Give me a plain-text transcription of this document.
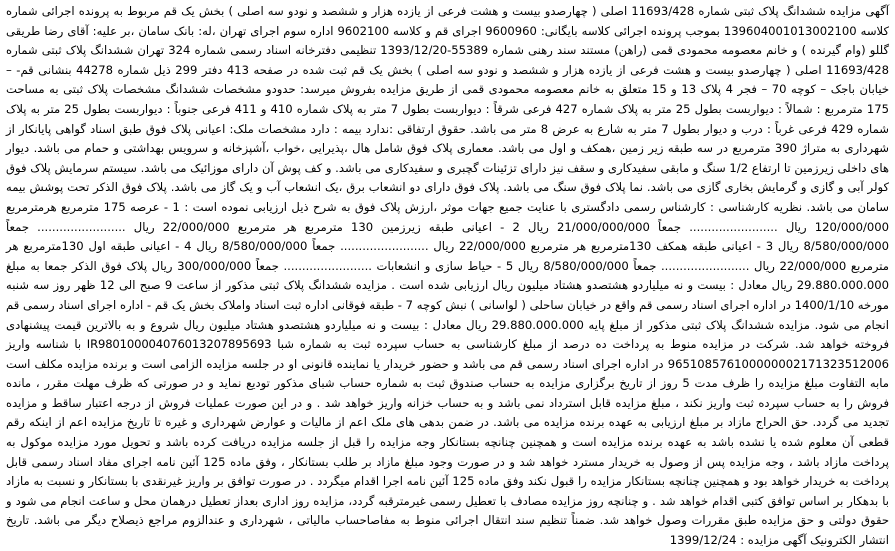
آگهی مزایده ششدانگ پلاک ثبتی شماره 11693/428 اصلی ( چهارصدو بیست و هشت فرعی از یازده هزار و ششصد و نودو سه اصلی ) بخش یک قم مربوط به پرونده اجرائی شماره کلاسه 139604001013002100 بموجب پرونده اجرائی کلاسه بایگانی: 9600960 اجرای قم و کلاسه 9602100 اداره سوم اجرای تهران ،له: بانک سامان ،بر علیه: آقای رضا طریقی گللو (وام گیرنده ) و خانم معصومه محمودی قمی (راهن) مستند سند رهنی شماره 55389-1393/12/20 تنظیمی دفترخانه اسناد رسمی شماره 324 تهران ششدانگ پلاک ثبتی شماره 11693/428 اصلی ( چهارصدو بیست و هشت فرعی از یازده هزار و ششصد و نودو سه اصلی ) بخش یک قم ثبت شده در صفحه 413 دفتر 299 ذیل شماره 44278 بنشانی قم- – خیابان باجک – کوچه 70 – فجر 4 پلاک 13 و 15 متعلق به خانم معصومه محمودی قمی از طریق مزایده بفروش میرسد: حدودو مشخصات ششدانگ مشخصات پلاک ثبتی به مساحت 175 مترمربع : شمالاً : دیواربست بطول 25 متر به پلاک شماره 427 فرعی شرقاً : دیواربست بطول 7 متر به پلاک شماره 410 و 411 فرعی جنوباً : دیواربست بطول 25 متر به پلاک شماره 429 فرعی غرباً : درب و دیوار بطول 7 متر به شارع به عرض 8 متر می باشد. حقوق ارتفاقی :ندارد بیمه : دارد مشخصات ملک: اعیانی پلاک فوق طبق اسناد گواهی پایانکار از شهرداری به متراژ 390 مترمربع در سه طبقه زیر زمین ،همکف و اول می باشد. معماری پلاک فوق شامل هال ،پذیرایی ،خواب ،آشپزخانه و سرویس بهداشتی و حمام می باشد. دیوار های داخلی زیرزمین تا ارتفاع 1/2 سنگ و مابقی سفیدکاری و سقف نیز دارای تزئینات گچبری و سفیدکاری می باشد. و کف پوش آن دارای موزائیک می باشد. سیستم سرمایش پلاک فوق کولر آبی و گازی و گرمایش بخاری گازی می باشد. نما پلاک فوق سنگ می باشد. پلاک فوق دارای دو انشعاب برق ،یک انشعاب آب و یک گاز می باشد. پلاک فوق الذکر تحت پوشش بیمه سامان می باشد. نظریه کارشناسی : کارشناس رسمی دادگستری با عنایت جمیع جهات موثر ،ارزش پلاک فوق به شرح ذیل ارزیابی نموده است : 1 - عرصه 175 مترمربع هرمترمربع 120/000/000 ریال ........................ جمعاً 21/000/000/000 ریال 2 - اعیانی طبقه زیرزمین 130 مترمربع هر مترمربع 22/000/000 ریال ........................ جمعاً 8/580/000/000 ریال 3 - اعیانی طبقه همکف 130مترمربع هر مترمربع 22/000/000 ریال ........................ جمعاً 8/580/000/000 ریال 4 - اعیانی طبقه اول 130مترمربع هر مترمربع 22/000/000 ریال ........................ جمعاً 8/580/000/000 ریال 5 - حیاط سازی و انشعابات ........................ جمعاً 300/000/000 ریال پلاک فوق الذکر جمعا به مبلغ 29.880.000.000 ریال معادل : بیست و نه میلیاردو هشتصدو هشتاد میلیون ریال ارزیابی شده است . مزایده ششدانگ پلاک ثبتی مذکور از ساعت 9 صبح الی 12 ظهر روز سه شنبه مورخه 1400/1/10 در اداره اجرای اسناد رسمی قم واقع در خیابان ساحلی ( لواسانی ) نبش کوچه 7 - طبقه فوقانی اداره ثبت اسناد واملاک بخش یک قم - اداره اجرای اسناد رسمی قم انجام می شود. مزایده ششدانگ پلاک ثبتی مذکور از مبلغ پایه 29.880.000.000 ریال معادل : بیست و نه میلیاردو هشتصدو هشتاد میلیون ریال شروع و به بالاترین قیمت پیشنهادی فروخته خواهد شد. شرکت در مزایده منوط به پرداخت ده درصد از مبلغ کارشناسی به حساب سپرده ثبت به شماره شبا IR980100004076013207895693 با شناسه واریز 965108576100000002171323512006 در اداره اجرای اسناد رسمی قم می باشد و حضور خریدار یا نماینده قانونی او در جلسه مزایده الزامی است و برنده مزایده مکلف است مابه التفاوت مبلغ مزایده را ظرف مدت 5 روز از تاریخ برگزاری مزایده به حساب صندوق ثبت به شماره حساب شبای مذکور تودیع نماید و در صورتی که ظرف مهلت مقرر ، مانده فروش را به حساب سپرده ثبت واریز نکند ، مبلغ مزایده قابل استرداد نمی باشد و به حساب خزانه واریز خواهد شد . و در این صورت عملیات فروش از درجه اعتبار ساقط و مزایده تجدید می گردد. حق الحراج مازاد بر مبلغ ارزیابی به عهده برنده مزایده می باشد. در ضمن بدهی های ملک اعم از مالیات و عوارض شهرداری و غیره تا تاریخ مزایده اعم از اینکه رقم قطعی آن معلوم شده یا نشده باشد به عهده برنده مزایده است و همچنین چنانچه بستانکار وجه مزایده را قبل از جلسه مزایده دریافت کرده باشد و تحویل مورد مزایده موکول به پرداخت مازاد باشد ، وجه مزایده پس از وصول به خریدار مسترد خواهد شد و در صورت وجود مبلغ مازاد بر طلب بستانکار ، وفق ماده 125 آئین نامه اجرای مفاد اسناد رسمی قابل پرداخت به خریدار خواهد بود و همچنین چنانچه بستانکار مزایده را قبول نکند وفق ماده 125 آئین نامه اجرا اقدام میگردد . در صورت توافق بر واریز غیرنقدی با بستانکار و نسبت به مازاد با بدهکار بر اساس توافق کتبی اقدام خواهد شد . و چنانچه روز مزایده مصادف با تعطیل رسمی غیرمترقبه گردد، مزایده روز اداری بعداز تعطیل درهمان محل و ساعت انجام می شود و حقوق دولتی و حق مزایده طبق مقررات وصول خواهد شد. ضمناً تنظیم سند انتقال اجرائی منوط به مفاصاحساب مالیاتی ، شهرداری و عندالزوم مراجع ذیصلاح دیگر می باشد. تاریخ انتشار الکترونیک آگهی مزایده : 1399/12/24
